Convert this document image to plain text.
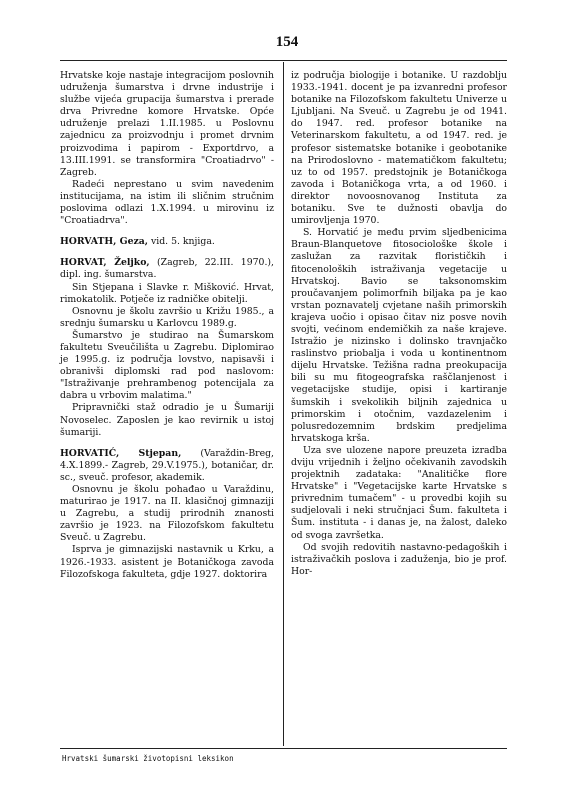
154

Hrvatske koje nastaje integracijom poslovnih udruženja šumarstva i drvne industrije i službe vijeća grupacija šumarstva i prerade drva Privredne komore Hrvatske. Opće udruženje prelazi 1.II.1985. u Poslovnu zajednicu za proizvodnju i promet drvnim proizvodima i papirom - Exportdrvo, a 13.III.1991. se transformira "Croatiadrvo" - Zagreb.

Radeći neprestano u svim navedenim institucijama, na istim ili sličnim stručnim poslovima odlazi 1.X.1994. u mirovinu iz "Croatiadrva".

HORVATH, Geza, vid. 5. knjiga.

HORVAT, Željko, (Zagreb, 22.III. 1970.), dipl. ing. šumarstva.

Sin Stjepana i Slavke r. Mišković. Hrvat, rimokatolik. Potječe iz radničke obitelji.

Osnovnu je školu završio u Križu 1985., a srednju šumarsku u Karlovcu 1989.g.

Šumarstvo je studirao na Šumarskom fakultetu Sveučilišta u Zagrebu. Diplomirao je 1995.g. iz područja lovstvo, napisavši i obranivši diplomski rad pod naslovom: "Istraživanje prehrambenog potencijala za dabra u vrbovim malatima."

Pripravnički staž odradio je u Šumariji Novoselec. Zaposlen je kao revirnik u istoj šumariji.

HORVATIĆ, Stjepan, (Varaždin-Breg, 4.X.1899.- Zagreb, 29.V.1975.), botaničar, dr. sc., sveuč. profesor, akademik.

Osnovnu je školu pohađao u Varaždinu, maturirao je 1917. na II. klasičnoj gimnaziji u Zagrebu, a studij prirodnih znanosti završio je 1923. na Filozofskom fakultetu Sveuč. u Zagrebu.

Isprva je gimnazijski nastavnik u Krku, a 1926.-1933. asistent je Botaničkoga zavoda Filozofskoga fakulteta, gdje 1927. doktorira

iz područja biologije i botanike. U razdoblju 1933.-1941. docent je pa izvanredni profesor botanike na Filozofskom fakultetu Univerze u Ljubljani. Na Sveuč. u Zagrebu je od 1941. do 1947. red. profesor botanike na Veterinarskom fakultetu, a od 1947. red. je profesor sistematske botanike i geobotanike na Prirodoslovno - matematičkom fakultetu; uz to od 1957. predstojnik je Botaničkoga zavoda i Botaničkoga vrta, a od 1960. i direktor novoosnovanog Instituta za botaniku. Sve te dužnosti obavlja do umirovljenja 1970.

S. Horvatić je među prvim sljedbenicima Braun-Blanquetove fitosociološke škole i zaslužan za razvitak florističkih i fitocenoloških istraživanja vegetacije u Hrvatskoj. Bavio se taksonomskim proučavanjem polimorfnih biljaka pa je kao vrstan poznavatelj cvjetane naših primorskih krajeva uočio i opisao čitav niz posve novih svojti, većinom endemičkih za naše krajeve. Istražio je nizinsko i dolinsko travnjačko raslinstvo priobalja i voda u kontinentnom dijelu Hrvatske. Težišna radna preokupacija bili su mu fitogeografska raščlanjenost i vegetacijske studije, opisi i kartiranje šumskih i svekolikih biljnih zajednica u primorskim i otočnim, vazdazelenim i polusredozemnim brdskim predjelima hrvatskoga krša.

Uza sve ulozene napore preuzeta izradba dviju vrijednih i željno očekivanih zavodskih projektnih zadataka: "Analitičke flore Hrvatske" i "Vegetacijske karte Hrvatske s privrednim tumačem" - u provedbi kojih su sudjelovali i neki stručnjaci Šum. fakulteta i Šum. instituta - i danas je, na žalost, daleko od svoga završetka.

Od svojih redovitih nastavno-pedagoških i istraživačkih poslova i zaduženja, bio je prof. Hor-

Hrvatski šumarski životopisni leksikon
